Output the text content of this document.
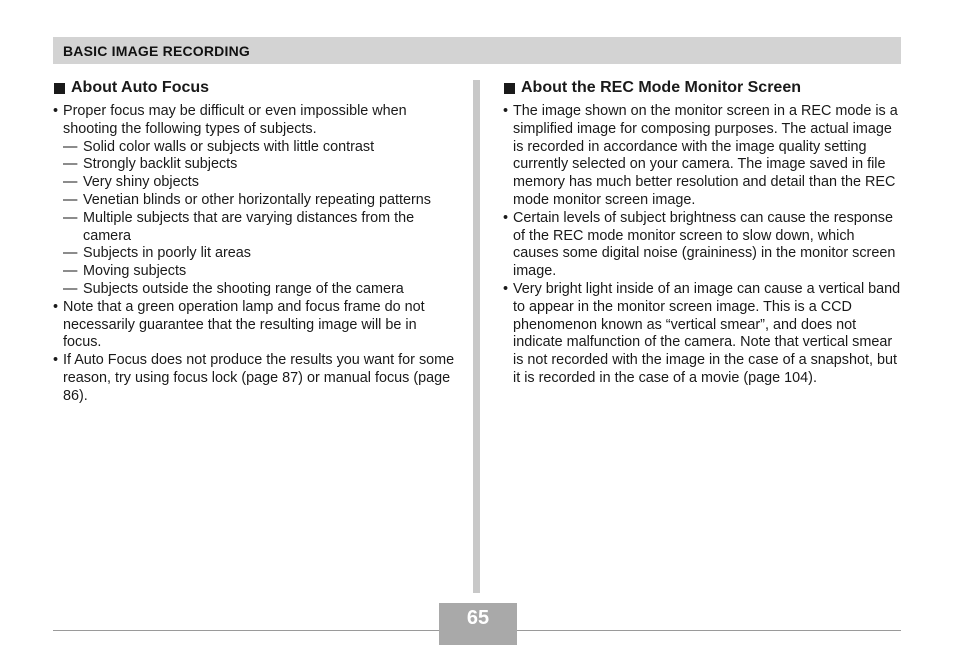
BASIC IMAGE RECORDING
About Auto Focus

• Proper focus may be difficult or even impossible when shooting the following types of subjects.

— Solid color walls or subjects with little contrast

— Strongly backlit subjects

— Very shiny objects

— Venetian blinds or other horizontally repeating patterns

— Multiple subjects that are varying distances from the camera

— Subjects in poorly lit areas

— Moving subjects

— Subjects outside the shooting range of the camera

• Note that a green operation lamp and focus frame do not necessarily guarantee that the resulting image will be in focus.

• If Auto Focus does not produce the results you want for some reason, try using focus lock (page 87) or manual focus (page 86).

About the REC Mode Monitor Screen

• The image shown on the monitor screen in a REC mode is a simplified image for composing purposes. The actual image is recorded in accordance with the image quality setting currently selected on your camera. The image saved in file memory has much better resolution and detail than the REC mode monitor screen image.

• Certain levels of subject brightness can cause the response of the REC mode monitor screen to slow down, which causes some digital noise (graininess) in the monitor screen image.

• Very bright light inside of an image can cause a vertical band to appear in the monitor screen image. This is a CCD phenomenon known as “vertical smear”, and does not indicate malfunction of the camera. Note that vertical smear is not recorded with the image in the case of a snapshot, but it is recorded in the case of a movie (page 104).

65
